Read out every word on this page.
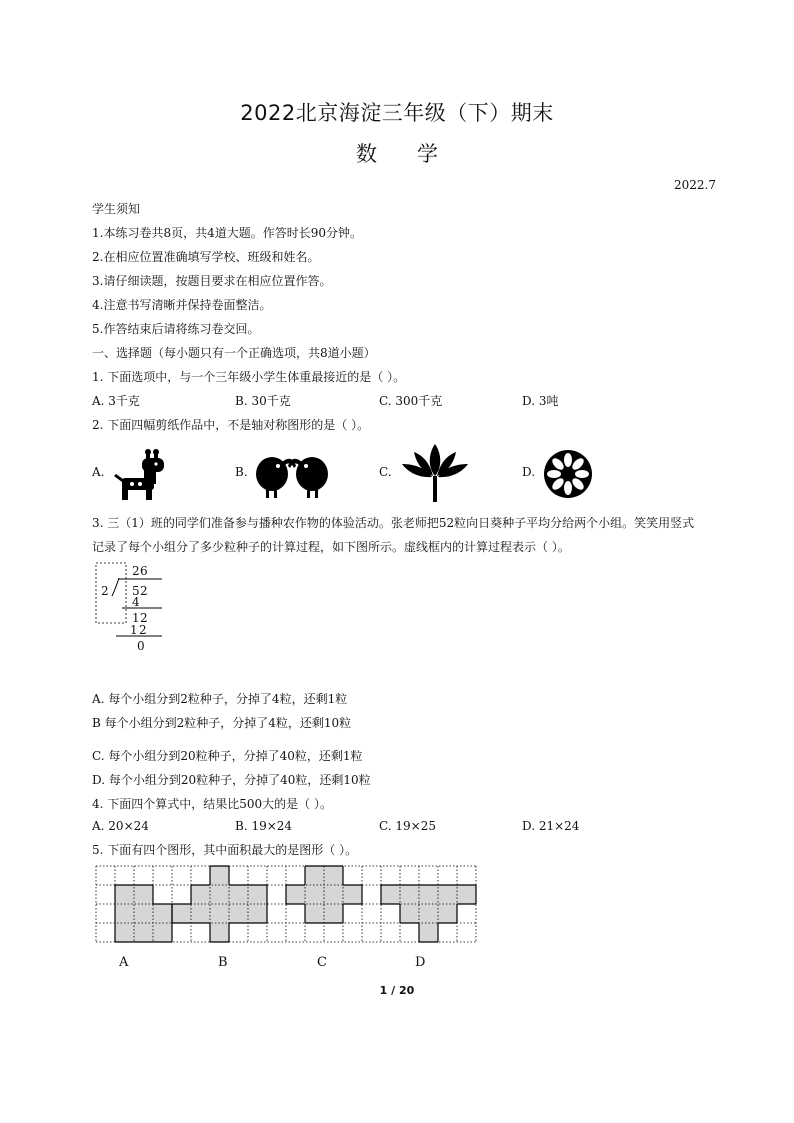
2022北京海淀三年级（下）期末
数学
2022.7
学生须知
1.本练习卷共8页，共4道大题。作答时长90分钟。
2.在相应位置准确填写学校、班级和姓名。
3.请仔细读题，按题目要求在相应位置作答。
4.注意书写清晰并保持卷面整洁。
5.作答结束后请将练习卷交回。
一、选择题（每小题只有一个正确选项，共8道小题）
1. 下面选项中，与一个三年级小学生体重最接近的是（ ）。
A. 3千克	B. 30千克	C. 300千克	D. 3吨
2. 下面四幅剪纸作品中，不是轴对称图形的是（ ）。
A.	B.	C.	D.
3. 三（1）班的同学们准备参与播种农作物的体验活动。张老师把52粒向日葵种子平均分给两个小组。笑笑用竖式
记录了每个小组分了多少粒种子的计算过程，如下图所示。虚线框内的计算过程表示（ ）。
2
2 6
5 2
4
1 2
1 2
0
A. 每个小组分到2粒种子，分掉了4粒，还剩1粒
B 每个小组分到2粒种子，分掉了4粒，还剩10粒
C. 每个小组分到20粒种子，分掉了40粒，还剩1粒
D. 每个小组分到20粒种子，分掉了40粒，还剩10粒
4. 下面四个算式中，结果比500大的是（ ）。
A. 20×24	B. 19×24	C. 19×25	D. 21×24
5. 下面有四个图形，其中面积最大的是图形（ ）。
A	B	C	D
1 / 20
